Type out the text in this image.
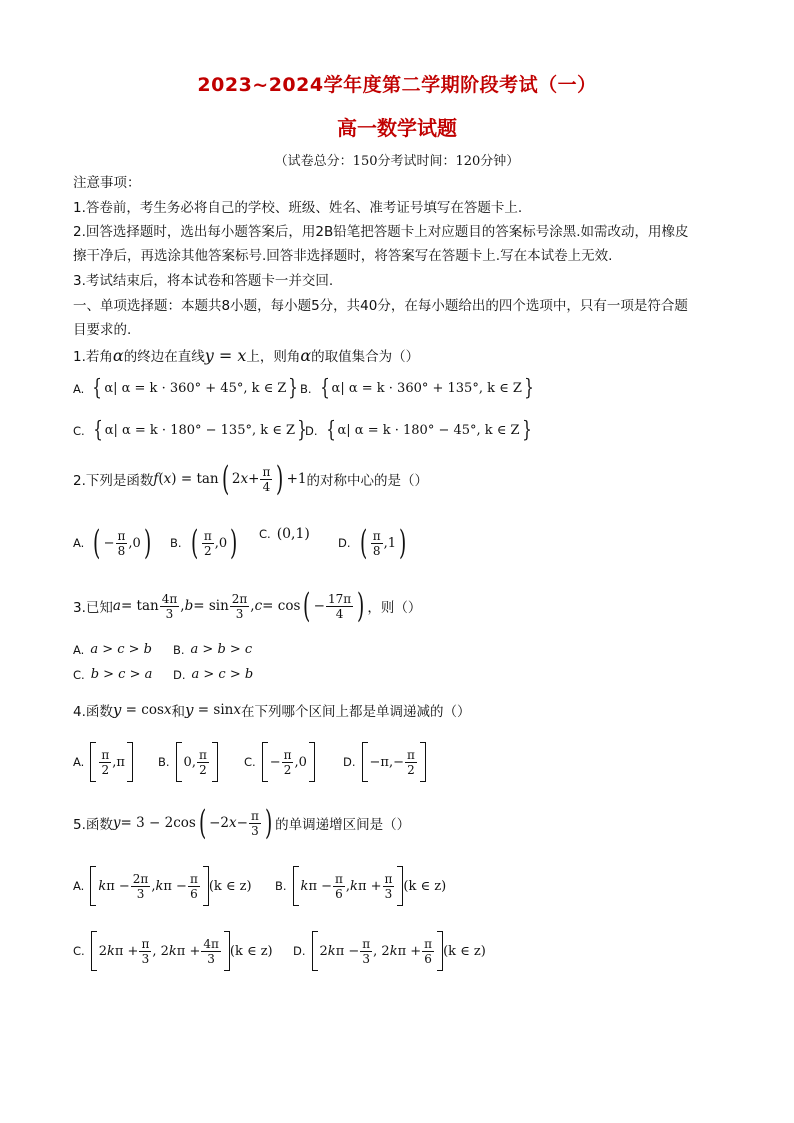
2023~2024学年度第二学期阶段考试（一）
高一数学试题
（试卷总分：150分考试时间：120分钟）
注意事项：
1.答卷前，考生务必将自己的学校、班级、姓名、准考证号填写在答题卡上.
2.回答选择题时，选出每小题答案后，用2B铅笔把答题卡上对应题目的答案标号涂黑.如需改动，用橡皮
擦干净后，再选涂其他答案标号.回答非选择题时，将答案写在答题卡上.写在本试卷上无效.
3.考试结束后，将本试卷和答题卡一并交回.
一、单项选择题：本题共8小题，每小题5分，共40分，在每小题给出的四个选项中，只有一项是符合题
目要求的.
1.若角α的终边在直线y = x上，则角α的取值集合为（）
A. { α| α = k · 360° + 45°, k ∈ Z } B. { α| α = k · 360° + 135°, k ∈ Z }
C. { α| α = k · 180° − 135°, k ∈ Z }
D. { α| α = k · 180° − 45°, k ∈ Z }
2.下列是函数 f ( x ) = tan ( 2 $x + \frac{\pi}{4}$ ) +1 的对称中心的是（）
A. ( − $\frac{\pi}{8} ,0$ ) B. ( $\frac{\pi}{2} ,0$ ) C. (0,1)
D. ( $\frac{\pi}{8} ,1$ )
3.已知 $a = \tan \frac{4\pi}{3}$ , $b = \sin \frac{2\pi}{3}$ , c = cos ( − $\frac{17\pi}{4}$ ) ，则（）
A. a > c > b B. a > b > c
C. b > c > a D. a > c > b
4.函数 y = cos x 和 y = sin x 在下列哪个区间上都是单调递减的（）
A. $\frac{\pi}{2} ,\pi$	B. 0, $\frac{\pi}{2}$	C. − $\frac{\pi}{2} ,0$	D. $-\pi,- \frac{\pi}{2}$
5.函数 y = 3 − 2cos ( −2 $x - \frac{\pi}{3}$ ) 的单调递增区间是（）
A. k $\pi - \frac{2\pi}{3}$ , k $\pi - \frac{\pi}{6} (k$ ∈ z) B. k $\pi - \frac{\pi}{6}$ , k $\pi + \frac{\pi}{3} (k$ ∈ z)
C. 2 k $\pi + \frac{\pi}{3}$ , 2 k $\pi + \frac{4\pi}{3} (k$ ∈ z) D. 2 k $\pi - \frac{\pi}{3}$ , 2 k $\pi + \frac{\pi}{6} (k$ ∈ z)
